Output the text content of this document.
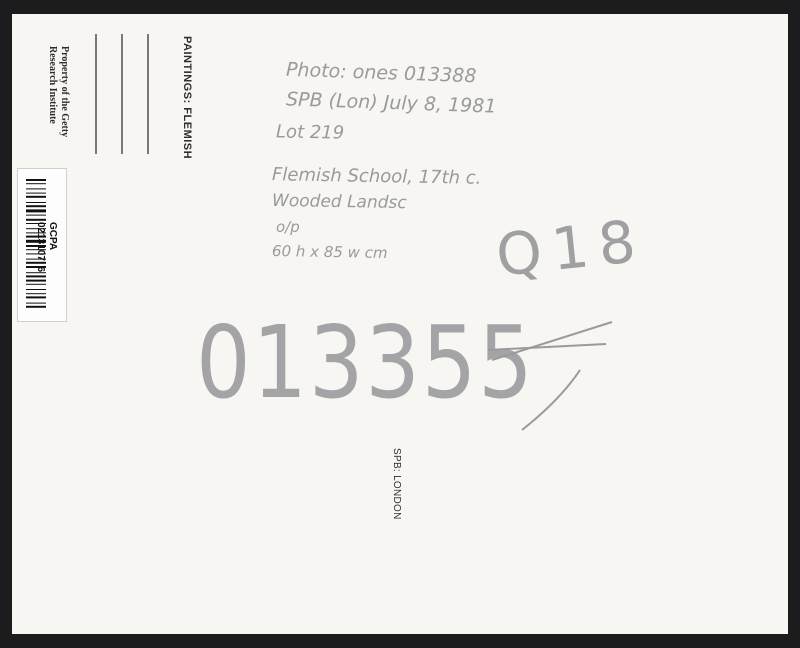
PAINTINGS: FLEMISH
Property of the Getty
Research Institute
SPB: LONDON
GCPA
0213107  6
Photo: ones 013388
SPB (Lon) July 8, 1981
Lot 219
Flemish School, 17th c.
Wooded Landsc
o/p
60 h x 85 w cm Q18
013355
